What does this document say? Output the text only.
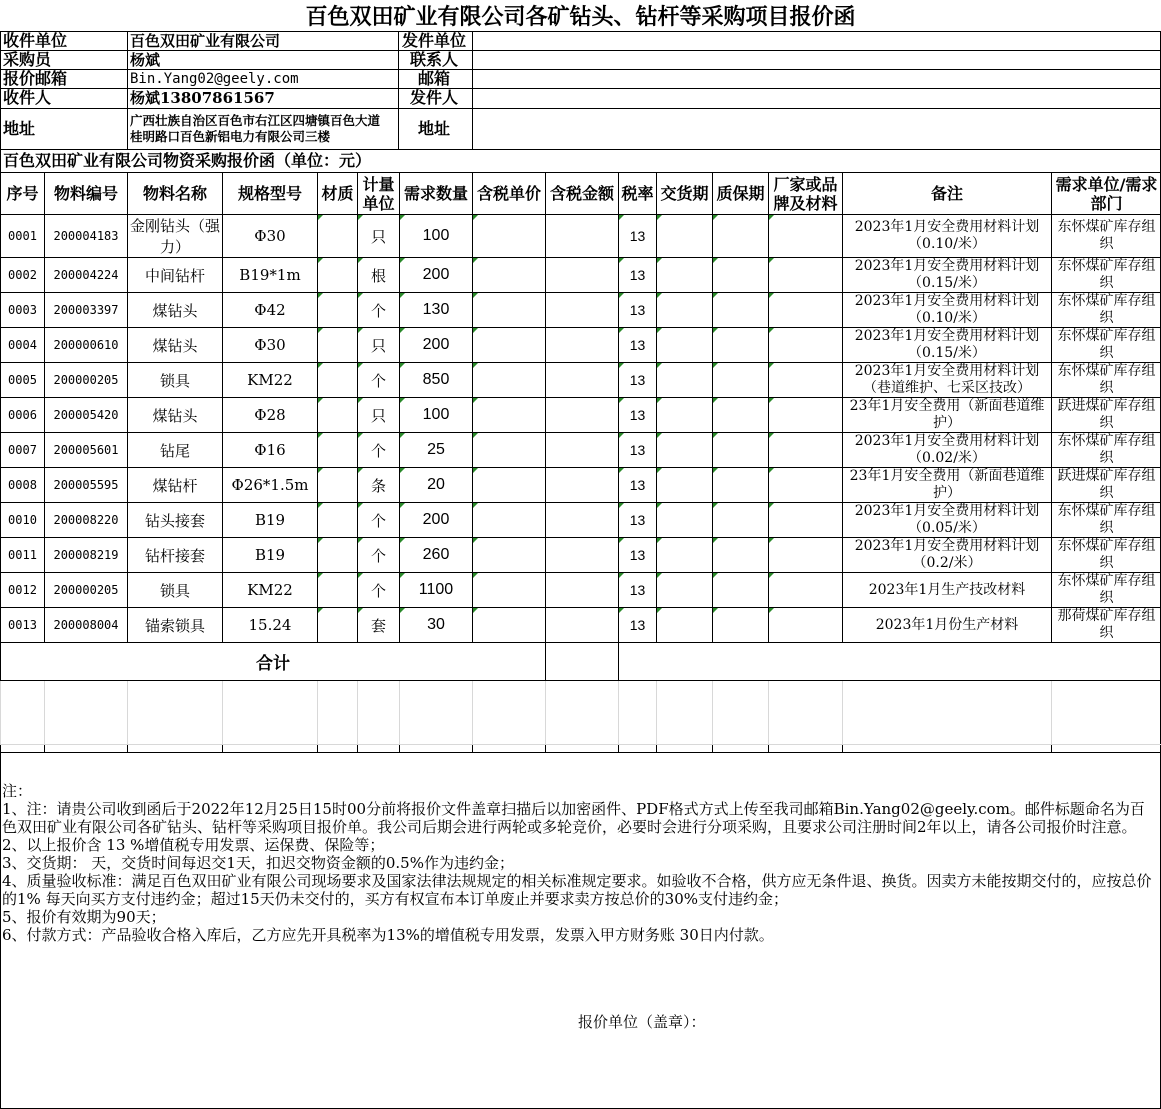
百色双田矿业有限公司各矿钻头、钻杆等采购项目报价函
收件单位	百色双田矿业有限公司	发件单位
采购员	杨斌	联系人
报价邮箱	Bin.Yang02@geely.com	邮箱
收件人	杨斌13807861567	发件人
地址	广西壮族自治区百色市右江区四塘镇百色大道
桂明路口百色新铝电力有限公司三楼	地址
百色双田矿业有限公司物资采购报价函（单位：元）
序号	物料编号	物料名称	规格型号	材质	计量单位	需求数量	含税单价	含税金额	税率	交货期	质保期	厂家或品牌及材料	备注	需求单位/需求部门
0001	200004183	金刚钻头（强力）	Φ30		只	100			13				2023年1月安全费用材料计划（0.10/米）	东怀煤矿库存组织
0002	200004224	中间钻杆	B19*1m		根	200			13				2023年1月安全费用材料计划（0.15/米）	东怀煤矿库存组织
0003	200003397	煤钻头	Φ42		个	130			13				2023年1月安全费用材料计划（0.10/米）	东怀煤矿库存组织
0004	200000610	煤钻头	Φ30		只	200			13				2023年1月安全费用材料计划（0.15/米）	东怀煤矿库存组织
0005	200000205	锁具	KM22		个	850			13				2023年1月安全费用材料计划（巷道维护、七采区技改）	东怀煤矿库存组织
0006	200005420	煤钻头	Φ28		只	100			13				23年1月安全费用（新面巷道维护）	跃进煤矿库存组织
0007	200005601	钻尾	Φ16		个	25			13				2023年1月安全费用材料计划（0.02/米）	东怀煤矿库存组织
0008	200005595	煤钻杆	Φ26*1.5m		条	20			13				23年1月安全费用（新面巷道维护）	跃进煤矿库存组织
0010	200008220	钻头接套	B19		个	200			13				2023年1月安全费用材料计划（0.05/米）	东怀煤矿库存组织
0011	200008219	钻杆接套	B19		个	260			13				2023年1月安全费用材料计划（0.2/米）	东怀煤矿库存组织
0012	200000205	锁具	KM22		个	1100			13				2023年1月生产技改材料	东怀煤矿库存组织
0013	200008004	锚索锁具	15.24		套	30			13				2023年1月份生产材料	那荷煤矿库存组织
合计														

注：
1、注：请贵公司收到函后于2022年12月25日15时00分前将报价文件盖章扫描后以加密函件、PDF格式方式上传至我司邮箱Bin.Yang02@geely.com。邮件标题命名为百色双田矿业有限公司各矿钻头、钻杆等采购项目报价单。我公司后期会进行两轮或多轮竞价，必要时会进行分项采购，且要求公司注册时间2年以上，请各公司报价时注意。
2、以上报价含 13 %增值税专用发票、运保费、保险等；
3、交货期： 天，交货时间每迟交1天，扣迟交物资金额的0.5%作为违约金；
4、质量验收标准：满足百色双田矿业有限公司现场要求及国家法律法规规定的相关标准规定要求。如验收不合格，供方应无条件退、换货。因卖方未能按期交付的，应按总价的1% 每天向买方支付违约金；超过15天仍未交付的，买方有权宣布本订单废止并要求卖方按总价的30%支付违约金；
5、报价有效期为90天；
6、付款方式：产品验收合格入库后，乙方应先开具税率为13%的增值税专用发票，发票入甲方财务账 30日内付款。
报价单位（盖章）：
